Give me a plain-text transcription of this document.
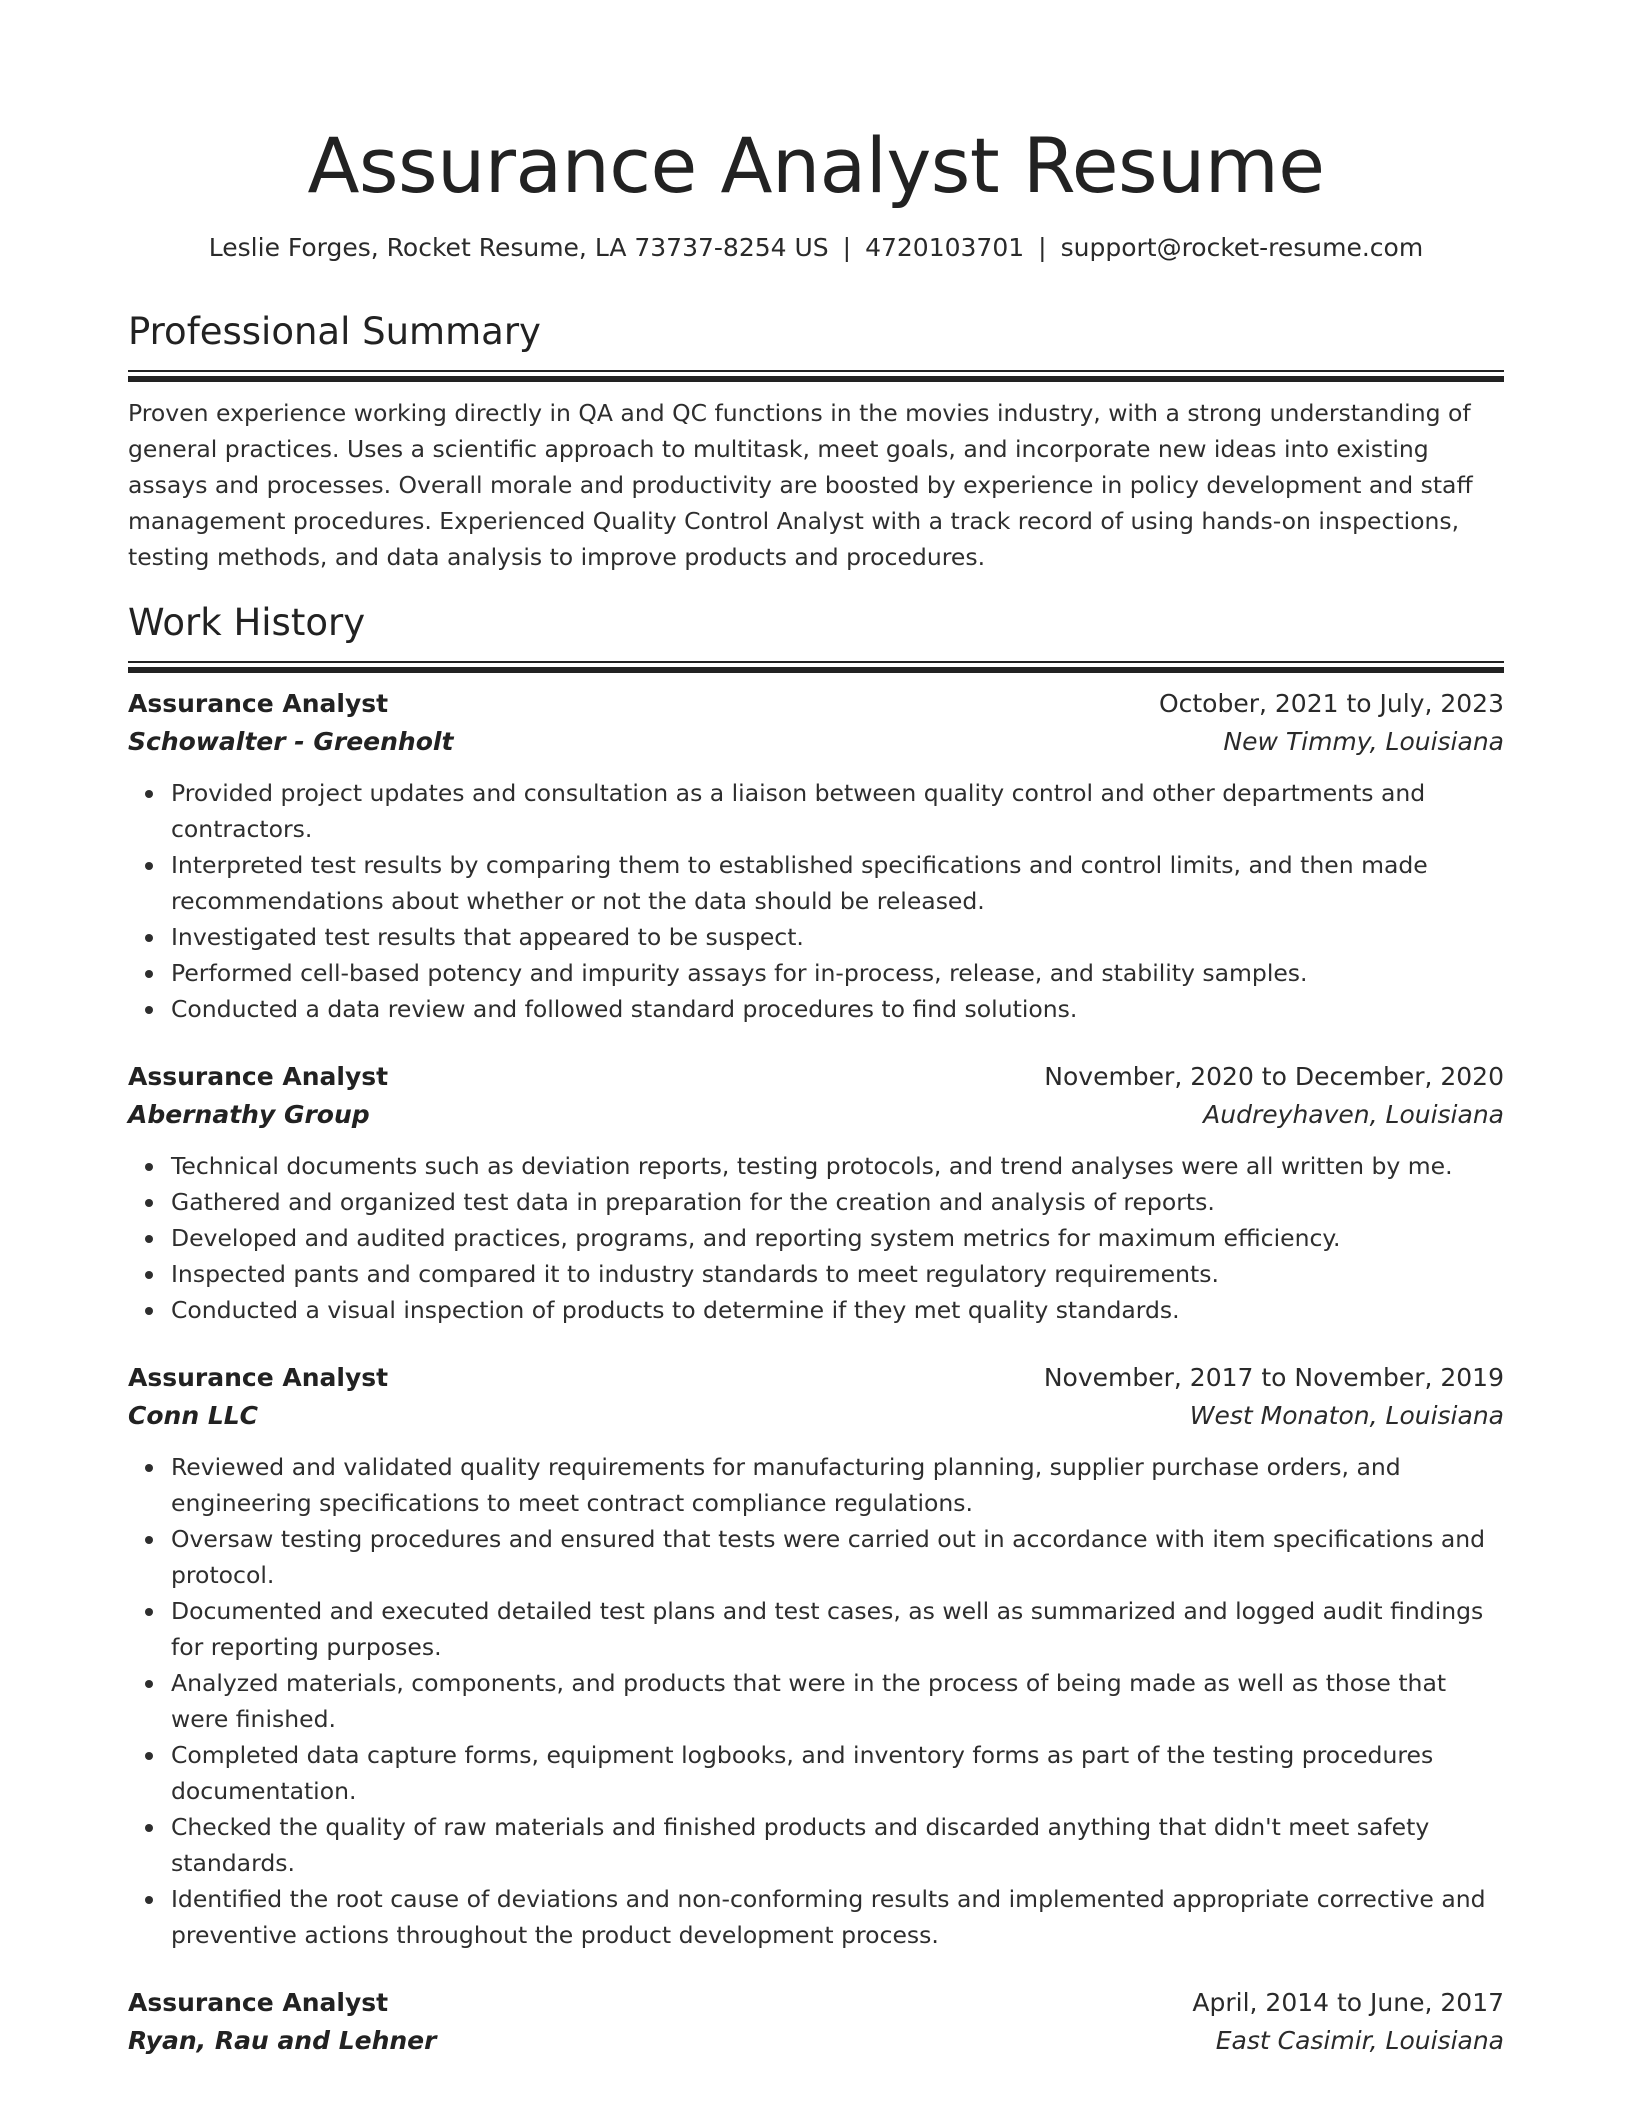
Assurance Analyst Resume
Leslie Forges, Rocket Resume, LA 73737-8254 US | 4720103701 | support@rocket-resume.com
Professional Summary
Proven experience working directly in QA and QC functions in the movies industry, with a strong understanding of general practices. Uses a scientific approach to multitask, meet goals, and incorporate new ideas into existing assays and processes. Overall morale and productivity are boosted by experience in policy development and staff management procedures. Experienced Quality Control Analyst with a track record of using hands-on inspections, testing methods, and data analysis to improve products and procedures.
Work History
Assurance Analyst	October, 2021 to July, 2023
Schowalter - Greenholt	New Timmy, Louisiana
Provided project updates and consultation as a liaison between quality control and other departments and contractors.
Interpreted test results by comparing them to established specifications and control limits, and then made recommendations about whether or not the data should be released.
Investigated test results that appeared to be suspect.
Performed cell-based potency and impurity assays for in-process, release, and stability samples.
Conducted a data review and followed standard procedures to find solutions.
Assurance Analyst	November, 2020 to December, 2020
Abernathy Group	Audreyhaven, Louisiana
Technical documents such as deviation reports, testing protocols, and trend analyses were all written by me.
Gathered and organized test data in preparation for the creation and analysis of reports.
Developed and audited practices, programs, and reporting system metrics for maximum efficiency.
Inspected pants and compared it to industry standards to meet regulatory requirements.
Conducted a visual inspection of products to determine if they met quality standards.
Assurance Analyst	November, 2017 to November, 2019
Conn LLC	West Monaton, Louisiana
Reviewed and validated quality requirements for manufacturing planning, supplier purchase orders, and engineering specifications to meet contract compliance regulations.
Oversaw testing procedures and ensured that tests were carried out in accordance with item specifications and protocol.
Documented and executed detailed test plans and test cases, as well as summarized and logged audit findings for reporting purposes.
Analyzed materials, components, and products that were in the process of being made as well as those that were finished.
Completed data capture forms, equipment logbooks, and inventory forms as part of the testing procedures documentation.
Checked the quality of raw materials and finished products and discarded anything that didn't meet safety standards.
Identified the root cause of deviations and non-conforming results and implemented appropriate corrective and preventive actions throughout the product development process.
Assurance Analyst	April, 2014 to June, 2017
Ryan, Rau and Lehner	East Casimir, Louisiana
